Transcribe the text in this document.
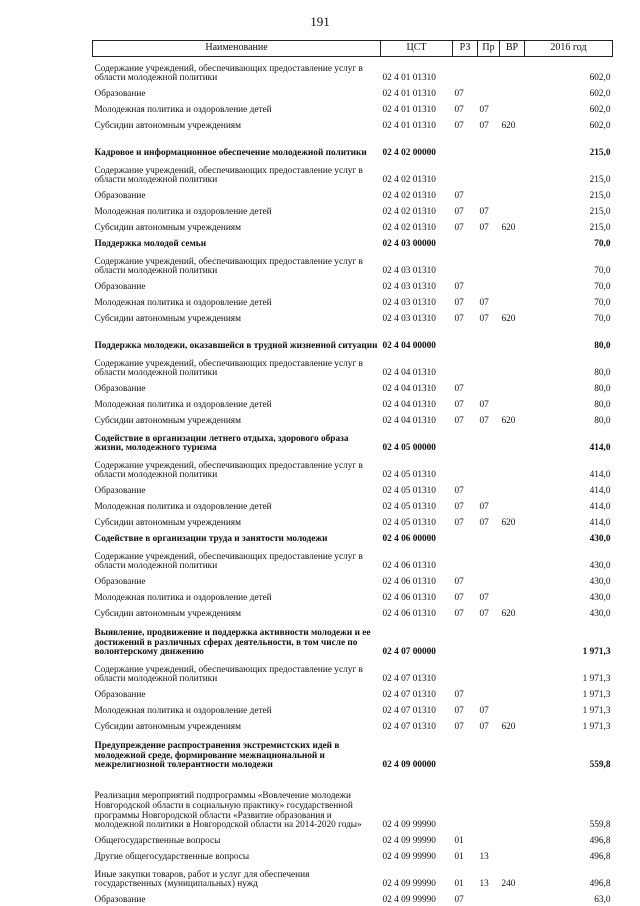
191
Наименование	ЦСТ	РЗ	Пр	ВР	2016 год
Содержание учреждений, обеспечивающих предоставление услуг в области молодежной политики	02 4 01 01310				602,0
Образование	02 4 01 01310	07			602,0
Молодежная политика и оздоровление детей	02 4 01 01310	07	07		602,0
Субсидии автономным учреждениям	02 4 01 01310	07	07	620	602,0
Кадровое и информационное обеспечение молодежной политики	02 4 02 00000				215,0
Содержание учреждений, обеспечивающих предоставление услуг в области молодежной политики	02 4 02 01310				215,0
Образование	02 4 02 01310	07			215,0
Молодежная политика и оздоровление детей	02 4 02 01310	07	07		215,0
Субсидии автономным учреждениям	02 4 02 01310	07	07	620	215,0
Поддержка молодой семьи	02 4 03 00000				70,0
Содержание учреждений, обеспечивающих предоставление услуг в области молодежной политики	02 4 03 01310				70,0
Образование	02 4 03 01310	07			70,0
Молодежная политика и оздоровление детей	02 4 03 01310	07	07		70,0
Субсидии автономным учреждениям	02 4 03 01310	07	07	620	70,0
Поддержка молодежи, оказавшейся в трудной жизненной ситуации	02 4 04 00000				80,0
Содержание учреждений, обеспечивающих предоставление услуг в области молодежной политики	02 4 04 01310				80,0
Образование	02 4 04 01310	07			80,0
Молодежная политика и оздоровление детей	02 4 04 01310	07	07		80,0
Субсидии автономным учреждениям	02 4 04 01310	07	07	620	80,0
Содействие в организации летнего отдыха, здорового образа жизни, молодежного туризма	02 4 05 00000				414,0
Содержание учреждений, обеспечивающих предоставление услуг в области молодежной политики	02 4 05 01310				414,0
Образование	02 4 05 01310	07			414,0
Молодежная политика и оздоровление детей	02 4 05 01310	07	07		414,0
Субсидии автономным учреждениям	02 4 05 01310	07	07	620	414,0
Содействие в организации труда и занятости молодежи	02 4 06 00000				430,0
Содержание учреждений, обеспечивающих предоставление услуг в области молодежной политики	02 4 06 01310				430,0
Образование	02 4 06 01310	07			430,0
Молодежная политика и оздоровление детей	02 4 06 01310	07	07		430,0
Субсидии автономным учреждениям	02 4 06 01310	07	07	620	430,0
Выявление, продвижение и поддержка активности молодежи и ее достижений в различных сферах деятельности, в том числе по волонтерскому движению	02 4 07 00000				1 971,3
Содержание учреждений, обеспечивающих предоставление услуг в области молодежной политики	02 4 07 01310				1 971,3
Образование	02 4 07 01310	07			1 971,3
Молодежная политика и оздоровление детей	02 4 07 01310	07	07		1 971,3
Субсидии автономным учреждениям	02 4 07 01310	07	07	620	1 971,3
Предупреждение распространения экстремистских идей в молодежной среде, формирование межнациональной и межрелигиозной толерантности молодежи	02 4 09 00000				559,8
Реализация мероприятий подпрограммы «Вовлечение молодежи Новгородской области в социальную практику» государственной программы Новгородской области «Развитие образования и молодежной политики в Новгородской области на 2014-2020 годы»	02 4 09 99990				559,8
Общегосударственные вопросы	02 4 09 99990	01			496,8
Другие общегосударственные вопросы	02 4 09 99990	01	13		496,8
Иные закупки товаров, работ и услуг для обеспечения государственных (муниципальных) нужд	02 4 09 99990	01	13	240	496,8
Образование	02 4 09 99990	07			63,0
